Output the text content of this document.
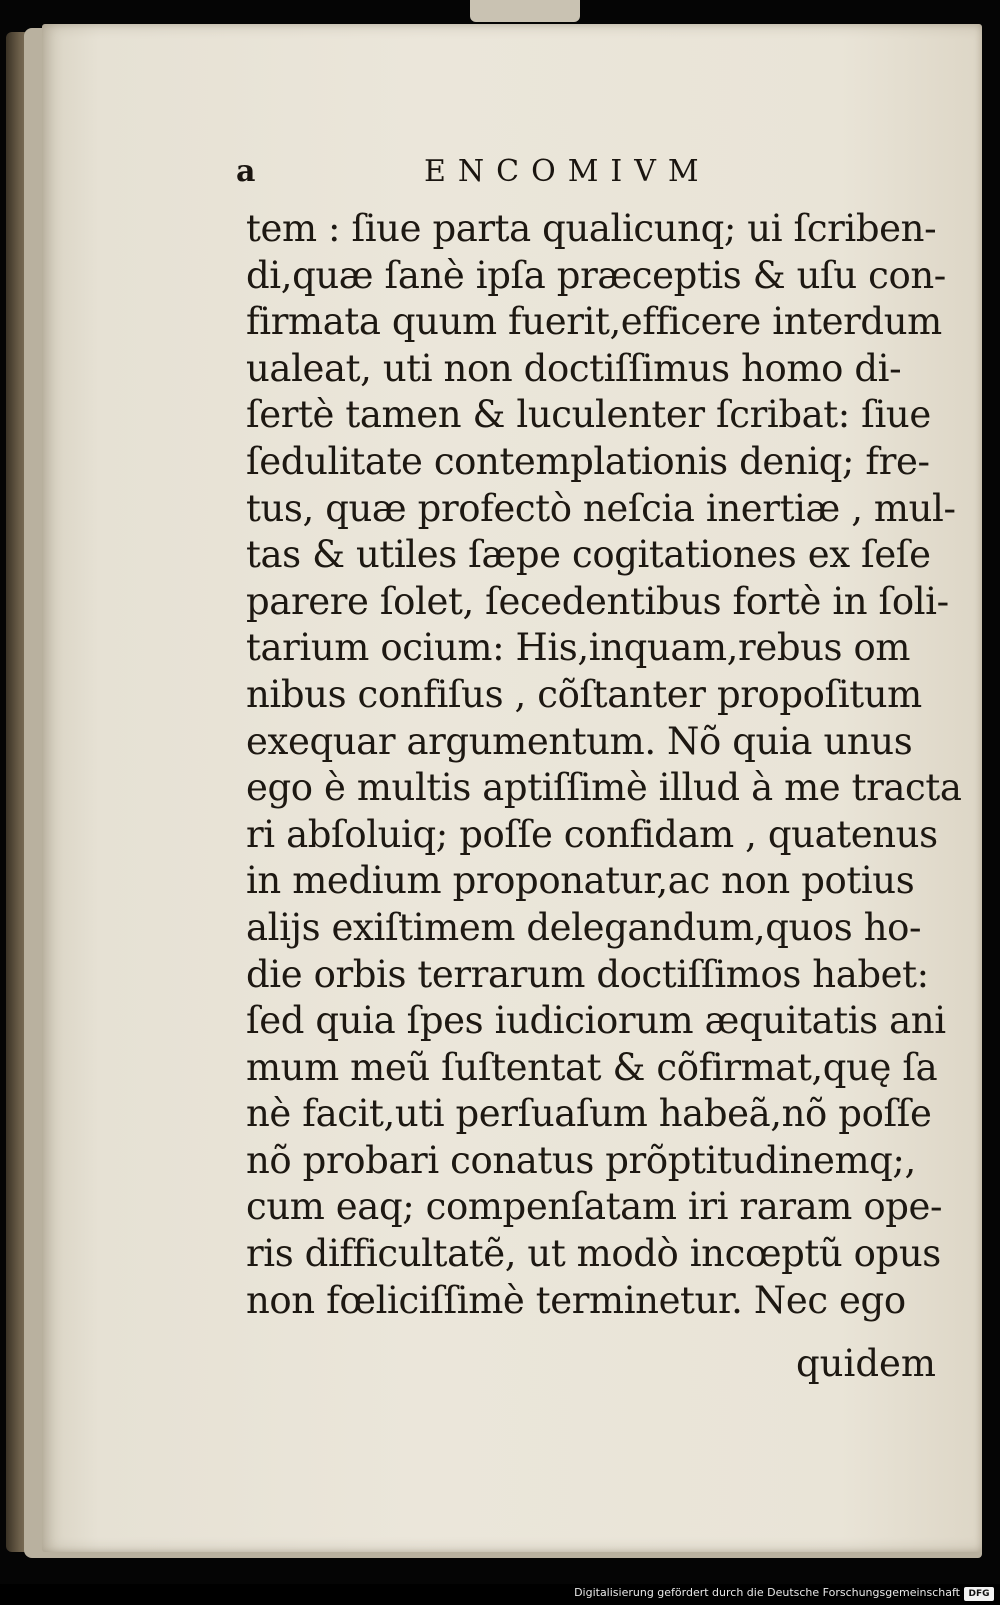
a	ENCOMIVM
tem : ſiue parta qualicunq; ui ſcriben-
di,quæ ſanè ipſa præceptis & uſu con-
firmata quum fuerit,efficere interdum
ualeat, uti non doctiſſimus homo di-
ſertè tamen & luculenter ſcribat: ſiue
ſedulitate contemplationis deniq; fre-
tus, quæ profectò neſcia inertiæ , mul-
tas & utiles ſæpe cogitationes ex ſeſe
parere ſolet, ſecedentibus fortè in ſoli-
tarium ocium: His,inquam,rebus om
nibus confiſus , cõſtanter propoſitum
exequar argumentum. Nõ quia unus
ego è multis aptiſſimè illud à me tracta
ri abſoluiq; poſſe confidam , quatenus
in medium proponatur,ac non potius
alijs exiſtimem delegandum,quos ho-
die orbis terrarum doctiſſimos habet:
ſed quia ſpes iudiciorum æquitatis ani
mum meũ ſuſtentat & cõfirmat,quę ſa
nè facit,uti perſuaſum habeã,nõ poſſe
nõ probari conatus prõptitudinemq;,
cum eaq; compenſatam iri raram ope-
ris difficultatẽ, ut modò incœptũ opus
non fœliciſſimè terminetur. Nec ego
quidem
Digitalisierung gefördert durch die Deutsche Forschungsgemeinschaft DFG
